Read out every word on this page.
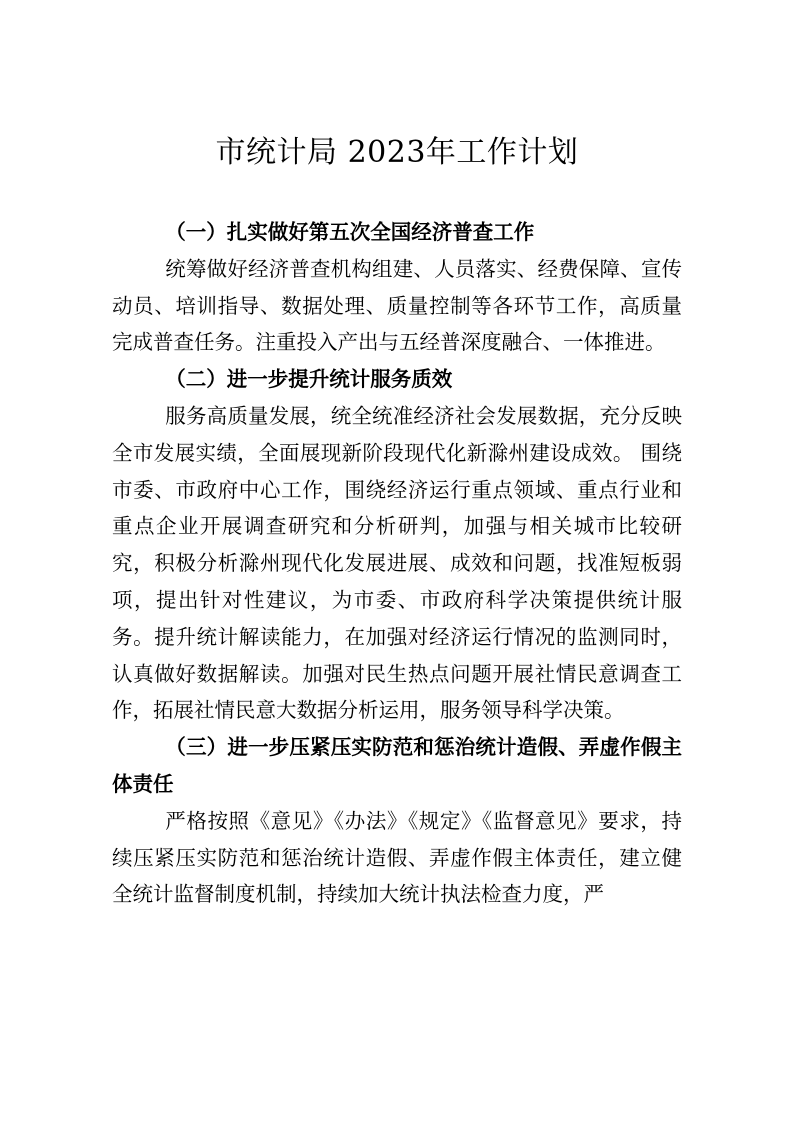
市统计局 2023年工作计划

（一）扎实做好第五次全国经济普查工作

统筹做好经济普查机构组建、人员落实、经费保障、宣传动员、培训指导、数据处理、质量控制等各环节工作，高质量完成普查任务。注重投入产出与五经普深度融合、一体推进。

（二）进一步提升统计服务质效

服务高质量发展，统全统准经济社会发展数据，充分反映全市发展实绩，全面展现新阶段现代化新滁州建设成效。 围绕市委、市政府中心工作，围绕经济运行重点领域、重点行业和重点企业开展调查研究和分析研判，加强与相关城市比较研究，积极分析滁州现代化发展进展、成效和问题，找准短板弱项，提出针对性建议，为市委、市政府科学决策提供统计服务。提升统计解读能力，在加强对经济运行情况的监测同时，认真做好数据解读。加强对民生热点问题开展社情民意调查工作，拓展社情民意大数据分析运用，服务领导科学决策。

（三）进一步压紧压实防范和惩治统计造假、弄虚作假主体责任

严格按照《意见》《办法》《规定》《监督意见》要求，持续压紧压实防范和惩治统计造假、弄虚作假主体责任，建立健全统计监督制度机制，持续加大统计执法检查力度，严
